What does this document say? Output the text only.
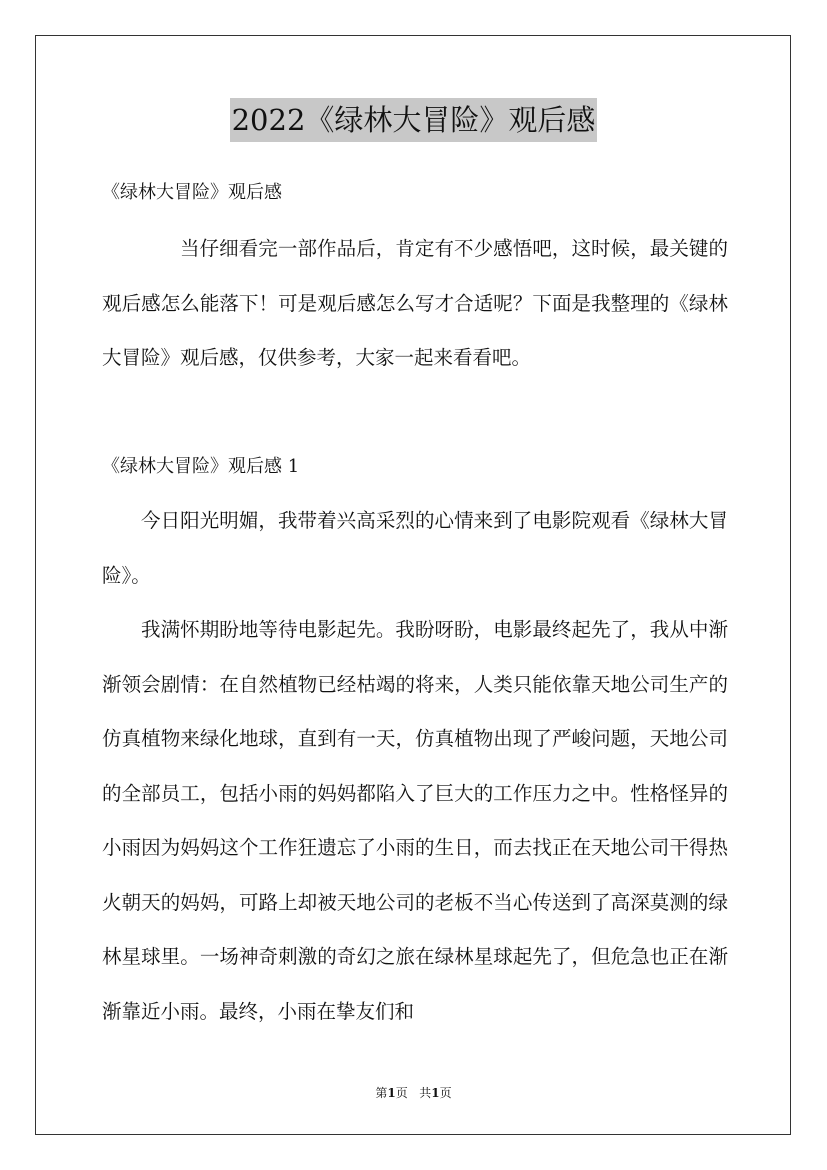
2022《绿林大冒险》观后感
《绿林大冒险》观后感

当仔细看完一部作品后，肯定有不少感悟吧，这时候，最关键的观后感怎么能落下！可是观后感怎么写才合适呢？下面是我整理的《绿林大冒险》观后感，仅供参考，大家一起来看看吧。

《绿林大冒险》观后感 1

今日阳光明媚，我带着兴高采烈的心情来到了电影院观看《绿林大冒险》。

我满怀期盼地等待电影起先。我盼呀盼，电影最终起先了，我从中渐渐领会剧情：在自然植物已经枯竭的将来，人类只能依靠天地公司生产的仿真植物来绿化地球，直到有一天，仿真植物出现了严峻问题，天地公司的全部员工，包括小雨的妈妈都陷入了巨大的工作压力之中。性格怪异的小雨因为妈妈这个工作狂遗忘了小雨的生日，而去找正在天地公司干得热火朝天的妈妈，可路上却被天地公司的老板不当心传送到了高深莫测的绿林星球里。一场神奇刺激的奇幻之旅在绿林星球起先了，但危急也正在渐渐靠近小雨。最终，小雨在挚友们和

第1页 共1页
